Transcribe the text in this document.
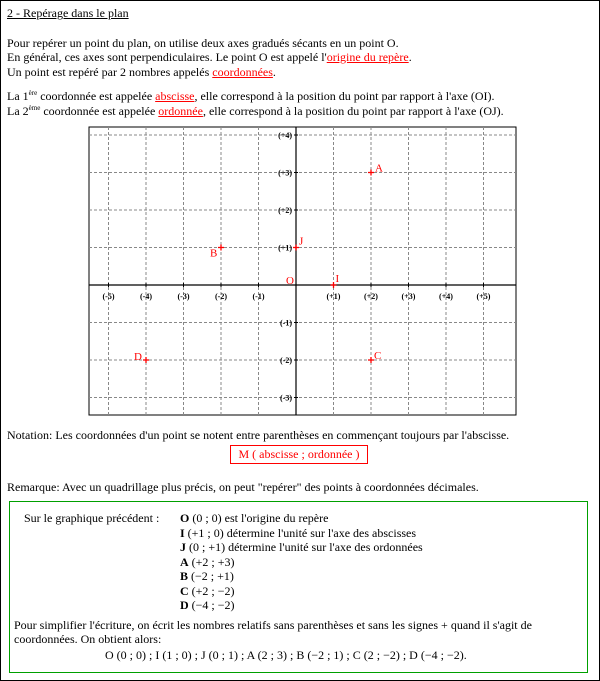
2 - Repérage dans le plan
Pour repérer un point du plan, on utilise deux axes gradués sécants en un point O.
En général, ces axes sont perpendiculaires. Le point O est appelé l'origine du repère.
Un point est repéré par 2 nombres appelés coordonnées.
La 1ère coordonnée est appelée abscisse, elle correspond à la position du point par rapport à l'axe (OI).
La 2ème coordonnée est appelée ordonnée, elle correspond à la position du point par rapport à l'axe (OJ).
(-5)	(-4)	(-3)	(-2)	(-1)	(+1)	(+2)	(+3)	(+4)	(+5)
(+4)
(+3)
(+2)
(+1)
(-1)
(-2)
(-3)
A
B
C
D
O	I
J
Notation: Les coordonnées d'un point se notent entre parenthèses en commençant toujours par l'abscisse.
M ( abscisse ; ordonnée )
Remarque: Avec un quadrillage plus précis, on peut "repérer" des points à coordonnées décimales.
Sur le graphique précédent : O (0 ; 0) est l'origine du repère
I (+1 ; 0) détermine l'unité sur l'axe des abscisses
J (0 ; +1) détermine l'unité sur l'axe des ordonnées
A (+2 ; +3)
B (−2 ; +1)
C (+2 ; −2)
D (−4 ; −2)
Pour simplifier l'écriture, on écrit les nombres relatifs sans parenthèses et sans les signes + quand il s'agit de
coordonnées. On obtient alors:
O (0 ; 0) ; I (1 ; 0) ; J (0 ; 1) ; A (2 ; 3) ; B (−2 ; 1) ; C (2 ; −2) ; D (−4 ; −2).
